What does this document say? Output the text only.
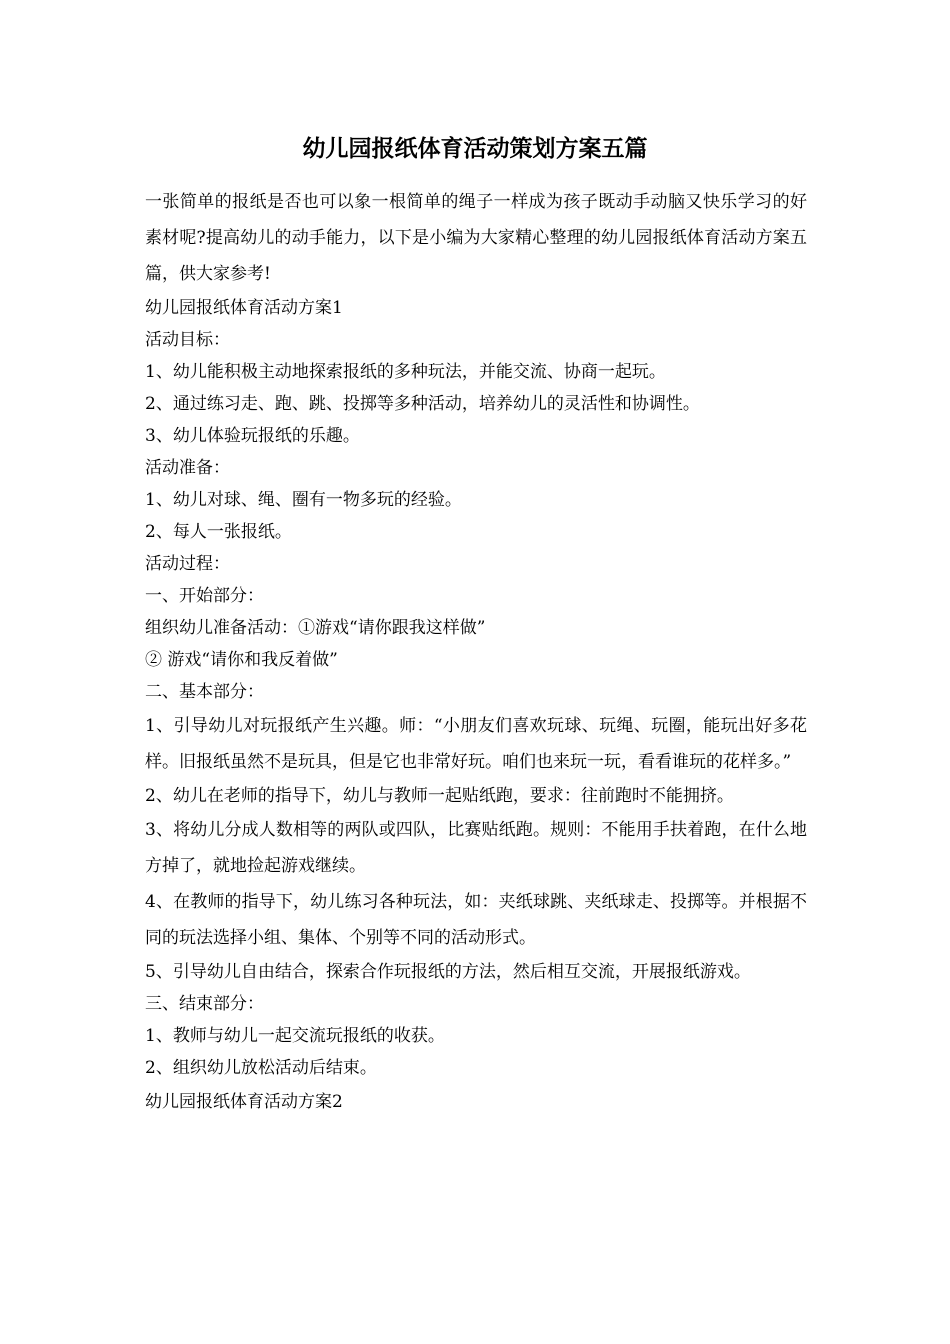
幼儿园报纸体育活动策划方案五篇

一张简单的报纸是否也可以象一根简单的绳子一样成为孩子既动手动脑又快乐学习的好素材呢?提高幼儿的动手能力，以下是小编为大家精心整理的幼儿园报纸体育活动方案五篇，供大家参考!

幼儿园报纸体育活动方案1

活动目标：

1、幼儿能积极主动地探索报纸的多种玩法，并能交流、协商一起玩。

2、通过练习走、跑、跳、投掷等多种活动，培养幼儿的灵活性和协调性。

3、幼儿体验玩报纸的乐趣。

活动准备：

1、幼儿对球、绳、圈有一物多玩的经验。

2、每人一张报纸。

活动过程：

一、开始部分：

组织幼儿准备活动：①游戏“请你跟我这样做”

② 游戏“请你和我反着做”

二、基本部分：

1、引导幼儿对玩报纸产生兴趣。师：“小朋友们喜欢玩球、玩绳、玩圈，能玩出好多花样。旧报纸虽然不是玩具，但是它也非常好玩。咱们也来玩一玩，看看谁玩的花样多。”

2、幼儿在老师的指导下，幼儿与教师一起贴纸跑，要求：往前跑时不能拥挤。

3、将幼儿分成人数相等的两队或四队，比赛贴纸跑。规则：不能用手扶着跑，在什么地方掉了，就地捡起游戏继续。

4、在教师的指导下，幼儿练习各种玩法，如：夹纸球跳、夹纸球走、投掷等。并根据不同的玩法选择小组、集体、个别等不同的活动形式。

5、引导幼儿自由结合，探索合作玩报纸的方法，然后相互交流，开展报纸游戏。

三、结束部分：

1、教师与幼儿一起交流玩报纸的收获。

2、组织幼儿放松活动后结束。

幼儿园报纸体育活动方案2
